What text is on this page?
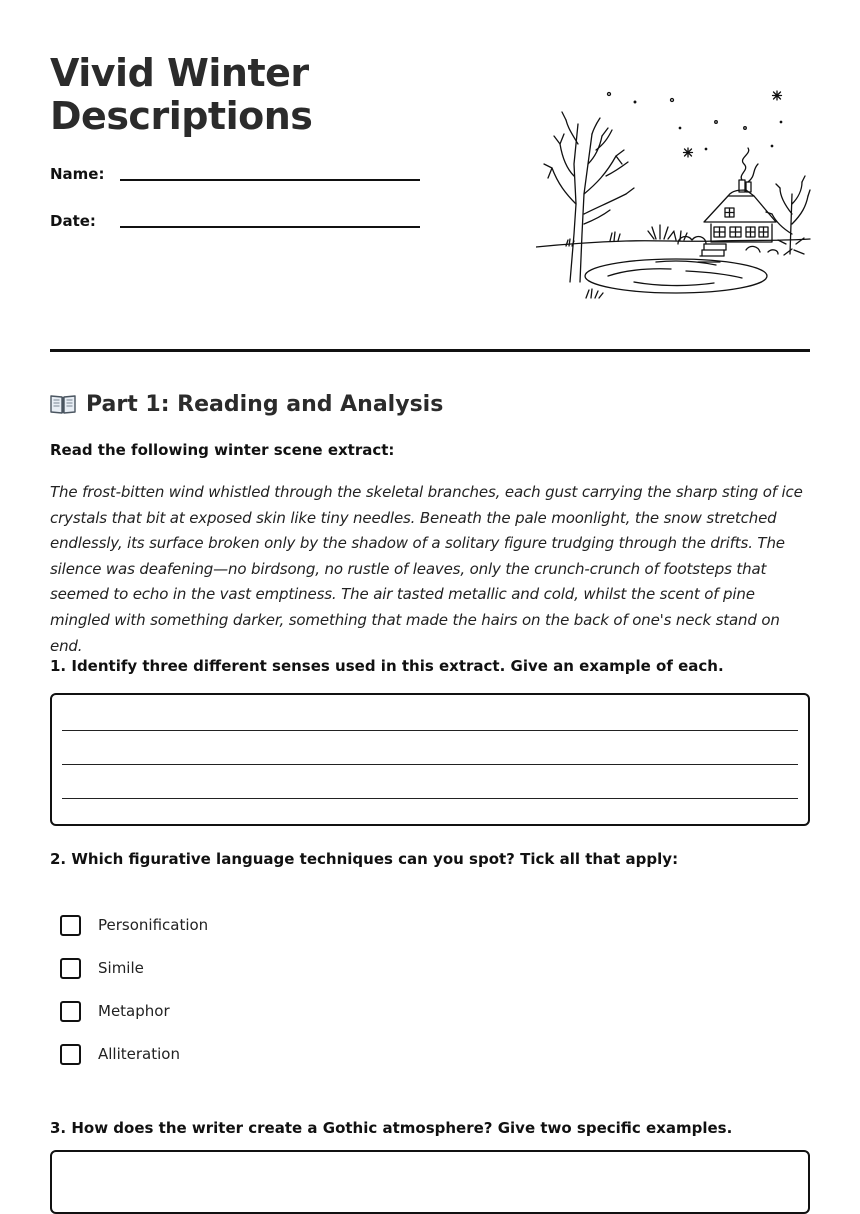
Vivid Winter Descriptions
Name:
Date:
Part 1: Reading and Analysis
Read the following winter scene extract:

The frost-bitten wind whistled through the skeletal branches, each gust carrying the sharp sting of ice crystals that bit at exposed skin like tiny needles. Beneath the pale moonlight, the snow stretched endlessly, its surface broken only by the shadow of a solitary figure trudging through the drifts. The silence was deafening—no birdsong, no rustle of leaves, only the crunch-crunch of footsteps that seemed to echo in the vast emptiness. The air tasted metallic and cold, whilst the scent of pine mingled with something darker, something that made the hairs on the back of one's neck stand on end.

1. Identify three different senses used in this extract. Give an example of each.
2. Which figurative language techniques can you spot? Tick all that apply:
Personification
Simile
Metaphor
Alliteration
3. How does the writer create a Gothic atmosphere? Give two specific examples.
